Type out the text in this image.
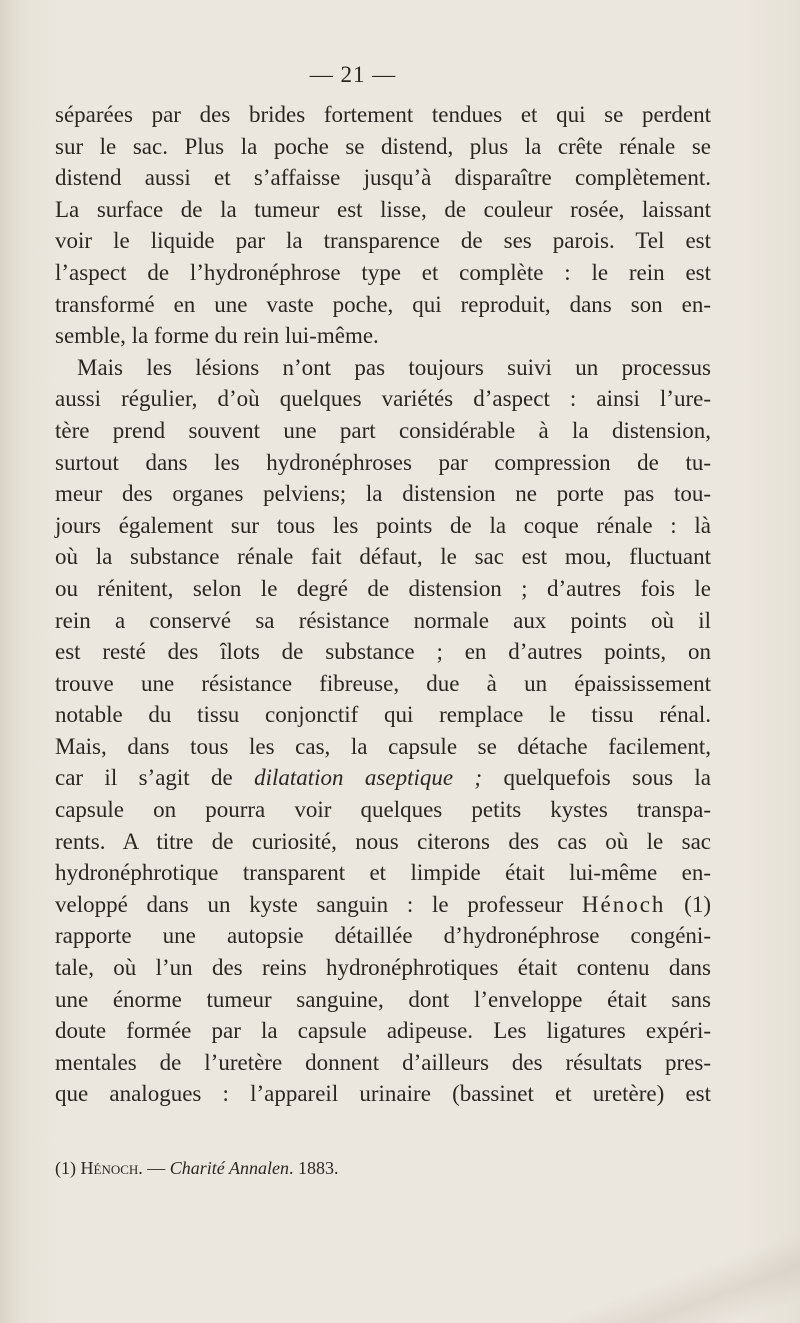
— 21 —
séparées par des brides fortement tendues et qui se perdent
sur le sac. Plus la poche se distend, plus la crête rénale se
distend aussi et s’affaisse jusqu’à disparaître complètement.
La surface de la tumeur est lisse, de couleur rosée, laissant
voir le liquide par la transparence de ses parois. Tel est
l’aspect de l’hydronéphrose type et complète : le rein est
transformé en une vaste poche, qui reproduit, dans son en-
semble, la forme du rein lui-même.
Mais les lésions n’ont pas toujours suivi un processus
aussi régulier, d’où quelques variétés d’aspect : ainsi l’ure-
tère prend souvent une part considérable à la distension,
surtout dans les hydronéphroses par compression de tu-
meur des organes pelviens; la distension ne porte pas tou-
jours également sur tous les points de la coque rénale : là
où la substance rénale fait défaut, le sac est mou, fluctuant
ou rénitent, selon le degré de distension ; d’autres fois le
rein a conservé sa résistance normale aux points où il
est resté des îlots de substance ; en d’autres points, on
trouve une résistance fibreuse, due à un épaississement
notable du tissu conjonctif qui remplace le tissu rénal.
Mais, dans tous les cas, la capsule se détache facilement,
car il s’agit de dilatation aseptique ; quelquefois sous la
capsule on pourra voir quelques petits kystes transpa-
rents. A titre de curiosité, nous citerons des cas où le sac
hydronéphrotique transparent et limpide était lui-même en-
veloppé dans un kyste sanguin : le professeur Hénoch (1)
rapporte une autopsie détaillée d’hydronéphrose congéni-
tale, où l’un des reins hydronéphrotiques était contenu dans
une énorme tumeur sanguine, dont l’enveloppe était sans
doute formée par la capsule adipeuse. Les ligatures expéri-
mentales de l’uretère donnent d’ailleurs des résultats pres-
que analogues : l’appareil urinaire (bassinet et uretère) est
(1) Hénoch. — Charité Annalen. 1883.
